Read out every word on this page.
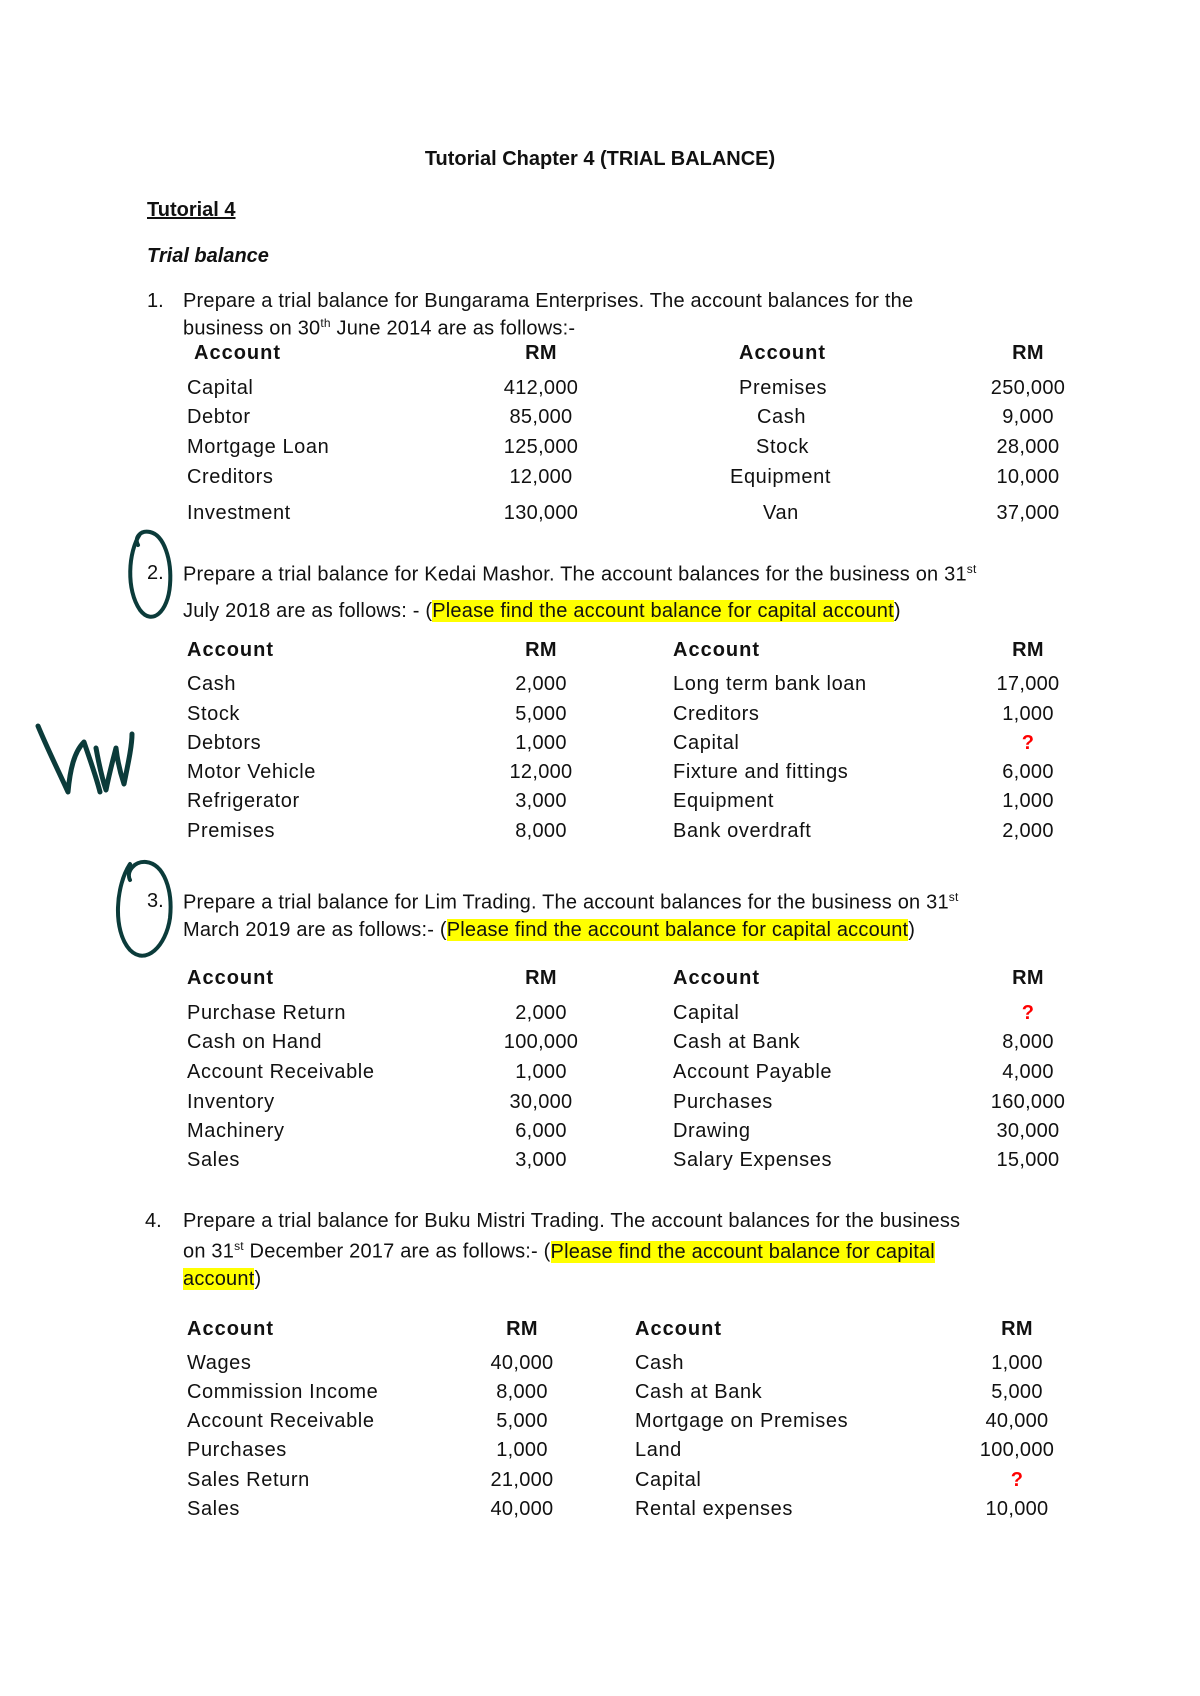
Tutorial Chapter 4 (TRIAL BALANCE)
Tutorial 4
Trial balance
1. Prepare a trial balance for Bungarama Enterprises. The account balances for the
business on 30th June 2014 are as follows:-
Account	RM	Account	RM
Capital	412,000	Premises	250,000
Debtor	85,000	Cash	9,000
Mortgage Loan	125,000	Stock	28,000
Creditors	12,000	Equipment	10,000
Investment	130,000	Van	37,000
2. Prepare a trial balance for Kedai Mashor. The account balances for the business on 31st
July 2018 are as follows: - (Please find the account balance for capital account)
Account	RM	Account	RM
Cash	2,000	Long term bank loan	17,000
Stock	5,000	Creditors	1,000
Debtors	1,000	Capital	?
Motor Vehicle	12,000	Fixture and fittings	6,000
Refrigerator	3,000	Equipment	1,000
Premises	8,000	Bank overdraft	2,000
3. Prepare a trial balance for Lim Trading. The account balances for the business on 31st
March 2019 are as follows:- (Please find the account balance for capital account)
Account	RM	Account	RM
Purchase Return	2,000	Capital	?
Cash on Hand	100,000	Cash at Bank	8,000
Account Receivable	1,000	Account Payable	4,000
Inventory	30,000	Purchases	160,000
Machinery	6,000	Drawing	30,000
Sales	3,000	Salary Expenses	15,000
4. Prepare a trial balance for Buku Mistri Trading. The account balances for the business
on 31st December 2017 are as follows:- (Please find the account balance for capital
account)
Account	RM	Account	RM
Wages	40,000	Cash	1,000
Commission Income	8,000	Cash at Bank	5,000
Account Receivable	5,000	Mortgage on Premises	40,000
Purchases	1,000	Land	100,000
Sales Return	21,000	Capital	?
Sales	40,000	Rental expenses	10,000
